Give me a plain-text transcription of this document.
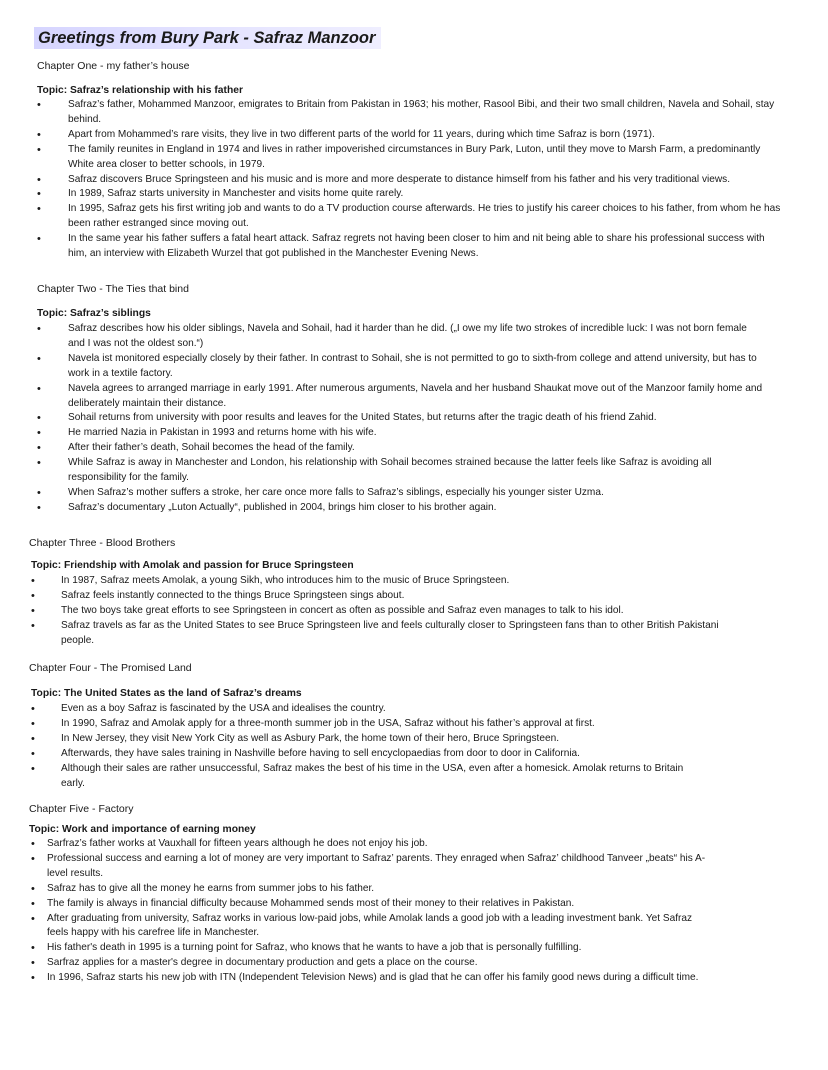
Greetings from Bury Park - Safraz Manzoor
Chapter One - my father’s house
Topic: Safraz’s relationship with his father
• Safraz’s father, Mohammed Manzoor, emigrates to Britain from Pakistan in 1963; his mother, Rasool Bibi, and their two small children, Navela and Sohail, stay behind.
• Apart from Mohammed’s rare visits, they live in two different parts of the world for 11 years, during which time Safraz is born (1971).
• The family reunites in England in 1974 and lives in rather impoverished circumstances in Bury Park, Luton, until they move to Marsh Farm, a predominantly White area closer to better schools, in 1979.
• Safraz discovers Bruce Springsteen and his music and is more and more desperate to distance himself from his father and his very traditional views.
• In 1989, Safraz starts university in Manchester and visits home quite rarely.
• In 1995, Safraz gets his first writing job and wants to do a TV production course afterwards. He tries to justify his career choices to his father, from whom he has been rather estranged since moving out.
• In the same year his father suffers a fatal heart attack. Safraz regrets not having been closer to him and nit being able to share his professional success with him, an interview with Elizabeth Wurzel that got published in the Manchester Evening News.
Chapter Two - The Ties that bind
Topic: Safraz’s siblings
• Safraz describes how his older siblings, Navela and Sohail, had it harder than he did. („I owe my life two strokes of incredible luck: I was not born female and I was not the oldest son.“)
• Navela ist monitored especially closely by their father. In contrast to Sohail, she is not permitted to go to sixth-from college and attend university, but has to work in a textile factory.
• Navela agrees to arranged marriage in early 1991. After numerous arguments, Navela and her husband Shaukat move out of the Manzoor family home and deliberately maintain their distance.
• Sohail returns from university with poor results and leaves for the United States, but returns after the tragic death of his friend Zahid.
• He married Nazia in Pakistan in 1993 and returns home with his wife.
• After their father’s death, Sohail becomes the head of the family.
• While Safraz is away in Manchester and London, his relationship with Sohail becomes strained because the latter feels like Safraz is avoiding all responsibility for the family.
• When Safraz’s mother suffers a stroke, her care once more falls to Safraz’s siblings, especially his younger sister Uzma.
• Safraz’s documentary „Luton Actually“, published in 2004, brings him closer to his brother again.
Chapter Three - Blood Brothers
Topic: Friendship with Amolak and passion for Bruce Springsteen
• In 1987, Safraz meets Amolak, a young Sikh, who introduces him to the music of Bruce Springsteen.
• Safraz feels instantly connected to the things Bruce Springsteen sings about.
• The two boys take great efforts to see Springsteen in concert as often as possible and Safraz even manages to talk to his idol.
• Safraz travels as far as the United States to see Bruce Springsteen live and feels culturally closer to Springsteen fans than to other British Pakistani people.
Chapter Four - The Promised Land
Topic: The United States as the land of Safraz’s dreams
• Even as a boy Safraz is fascinated by the USA and idealises the country.
• In 1990, Safraz and Amolak apply for a three-month summer job in the USA, Safraz without his father’s approval at first.
• In New Jersey, they visit New York City as well as Asbury Park, the home town of their hero, Bruce Springsteen.
• Afterwards, they have sales training in Nashville before having to sell encyclopaedias from door to door in California.
• Although their sales are rather unsuccessful, Safraz makes the best of his time in the USA, even after a homesick. Amolak returns to Britain early.
Chapter Five - Factory
Topic: Work and importance of earning money
• Sarfraz’s father works at Vauxhall for fifteen years although he does not enjoy his job.
• Professional success and earning a lot of money are very important to Safraz’ parents. They enraged when Safraz’ childhood Tanveer „beats“ his A-level results.
• Safraz has to give all the money he earns from summer jobs to his father.
• The family is always in financial difficulty because Mohammed sends most of their money to their relatives in Pakistan.
• After graduating from university, Safraz works in various low-paid jobs, while Amolak lands a good job with a leading investment bank. Yet Safraz feels happy with his carefree life in Manchester.
• His father's death in 1995 is a turning point for Safraz, who knows that he wants to have a job that is personally fulfilling.
• Sarfraz applies for a master's degree in documentary production and gets a place on the course.
• In 1996, Safraz starts his new job with ITN (Independent Television News) and is glad that he can offer his family good news during a difficult time.
